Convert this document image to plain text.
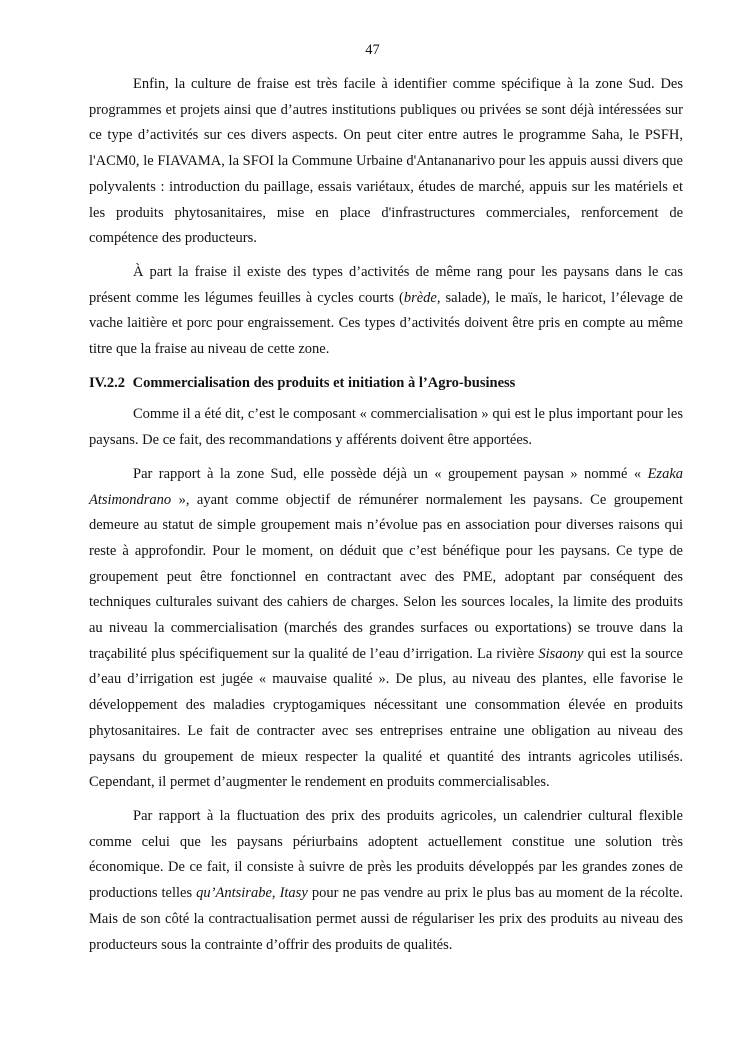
47

Enfin, la culture de fraise est très facile à identifier comme spécifique à la zone Sud. Des programmes et projets ainsi que d’autres institutions publiques ou privées se sont déjà intéressées sur ce type d’activités sur ces divers aspects. On peut citer entre autres le programme Saha, le PSFH, l'ACM0, le FIAVAMA, la SFOI la Commune Urbaine d'Antananarivo pour les appuis aussi divers que polyvalents : introduction du paillage, essais variétaux, études de marché, appuis sur les matériels et les produits phytosanitaires, mise en place d'infrastructures commerciales, renforcement de compétence des producteurs.

À part la fraise il existe des types d’activités de même rang pour les paysans dans le cas présent comme les légumes feuilles à cycles courts (brède, salade), le maïs, le haricot, l’élevage de vache laitière et porc pour engraissement. Ces types d’activités doivent être pris en compte au même titre que la fraise au niveau de cette zone.

IV.2.2 Commercialisation des produits et initiation à l’Agro-business

Comme il a été dit, c’est le composant « commercialisation » qui est le plus important pour les paysans. De ce fait, des recommandations y afférents doivent être apportées.

Par rapport à la zone Sud, elle possède déjà un « groupement paysan » nommé « Ezaka Atsimondrano », ayant comme objectif de rémunérer normalement les paysans. Ce groupement demeure au statut de simple groupement mais n’évolue pas en association pour diverses raisons qui reste à approfondir. Pour le moment, on déduit que c’est bénéfique pour les paysans. Ce type de groupement peut être fonctionnel en contractant avec des PME, adoptant par conséquent des techniques culturales suivant des cahiers de charges. Selon les sources locales, la limite des produits au niveau la commercialisation (marchés des grandes surfaces ou exportations) se trouve dans la traçabilité plus spécifiquement sur la qualité de l’eau d’irrigation. La rivière Sisaony qui est la source d’eau d’irrigation est jugée « mauvaise qualité ». De plus, au niveau des plantes, elle favorise le développement des maladies cryptogamiques nécessitant une consommation élevée en produits phytosanitaires. Le fait de contracter avec ses entreprises entraine une obligation au niveau des paysans du groupement de mieux respecter la qualité et quantité des intrants agricoles utilisés. Cependant, il permet d’augmenter le rendement en produits commercialisables.

Par rapport à la fluctuation des prix des produits agricoles, un calendrier cultural flexible comme celui que les paysans périurbains adoptent actuellement constitue une solution très économique. De ce fait, il consiste à suivre de près les produits développés par les grandes zones de productions telles qu’Antsirabe, Itasy pour ne pas vendre au prix le plus bas au moment de la récolte. Mais de son côté la contractualisation permet aussi de régulariser les prix des produits au niveau des producteurs sous la contrainte d’offrir des produits de qualités.
